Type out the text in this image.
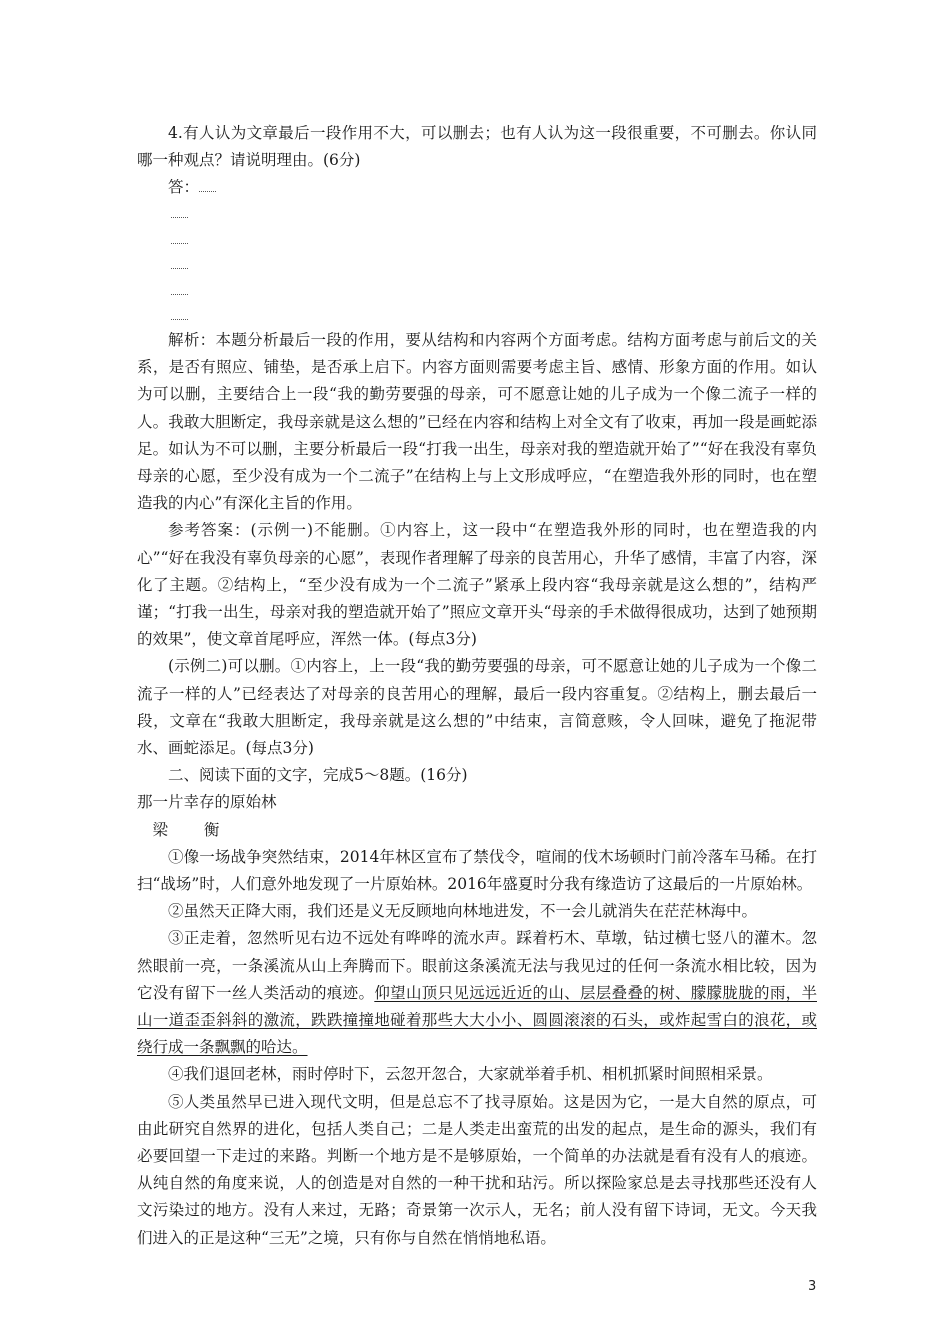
4.有人认为文章最后一段作用不大，可以删去；也有人认为这一段很重要，不可删去。你认同哪一种观点？请说明理由。(6分)

答：

解析：本题分析最后一段的作用，要从结构和内容两个方面考虑。结构方面考虑与前后文的关系，是否有照应、铺垫，是否承上启下。内容方面则需要考虑主旨、感情、形象方面的作用。如认为可以删，主要结合上一段“我的勤劳要强的母亲，可不愿意让她的儿子成为一个像二流子一样的人。我敢大胆断定，我母亲就是这么想的”已经在内容和结构上对全文有了收束，再加一段是画蛇添足。如认为不可以删，主要分析最后一段“打我一出生，母亲对我的塑造就开始了”“好在我没有辜负母亲的心愿，至少没有成为一个二流子”在结构上与上文形成呼应，“在塑造我外形的同时，也在塑造我的内心”有深化主旨的作用。

参考答案：(示例一)不能删。①内容上，这一段中“在塑造我外形的同时，也在塑造我的内心”“好在我没有辜负母亲的心愿”，表现作者理解了母亲的良苦用心，升华了感情，丰富了内容，深化了主题。②结构上，“至少没有成为一个二流子”紧承上段内容“我母亲就是这么想的”，结构严谨；“打我一出生，母亲对我的塑造就开始了”照应文章开头“母亲的手术做得很成功，达到了她预期的效果”，使文章首尾呼应，浑然一体。(每点3分)

(示例二)可以删。①内容上，上一段“我的勤劳要强的母亲，可不愿意让她的儿子成为一个像二流子一样的人”已经表达了对母亲的良苦用心的理解，最后一段内容重复。②结构上，删去最后一段，文章在“我敢大胆断定，我母亲就是这么想的”中结束，言简意赅，令人回味，避免了拖泥带水、画蛇添足。(每点3分)

二、阅读下面的文字，完成5～8题。(16分)

那一片幸存的原始林

梁 衡

①像一场战争突然结束，2014年林区宣布了禁伐令，喧闹的伐木场顿时门前冷落车马稀。在打扫“战场”时，人们意外地发现了一片原始林。2016年盛夏时分我有缘造访了这最后的一片原始林。

②虽然天正降大雨，我们还是义无反顾地向林地进发，不一会儿就消失在茫茫林海中。

③正走着，忽然听见右边不远处有哗哗的流水声。踩着朽木、草墩，钻过横七竖八的灌木。忽然眼前一亮，一条溪流从山上奔腾而下。眼前这条溪流无法与我见过的任何一条流水相比较，因为它没有留下一丝人类活动的痕迹。仰望山顶只见远远近近的山、层层叠叠的树、朦朦胧胧的雨，半山一道歪歪斜斜的激流，跌跌撞撞地碰着那些大大小小、圆圆滚滚的石头，或炸起雪白的浪花，或绕行成一条飘飘的哈达。

④我们退回老林，雨时停时下，云忽开忽合，大家就举着手机、相机抓紧时间照相采景。

⑤人类虽然早已进入现代文明，但是总忘不了找寻原始。这是因为它，一是大自然的原点，可由此研究自然界的进化，包括人类自己；二是人类走出蛮荒的出发的起点，是生命的源头，我们有必要回望一下走过的来路。判断一个地方是不是够原始，一个简单的办法就是看有没有人的痕迹。从纯自然的角度来说，人的创造是对自然的一种干扰和玷污。所以探险家总是去寻找那些还没有人文污染过的地方。没有人来过，无路；奇景第一次示人，无名；前人没有留下诗词，无文。今天我们进入的正是这种“三无”之境，只有你与自然在悄悄地私语。

3
